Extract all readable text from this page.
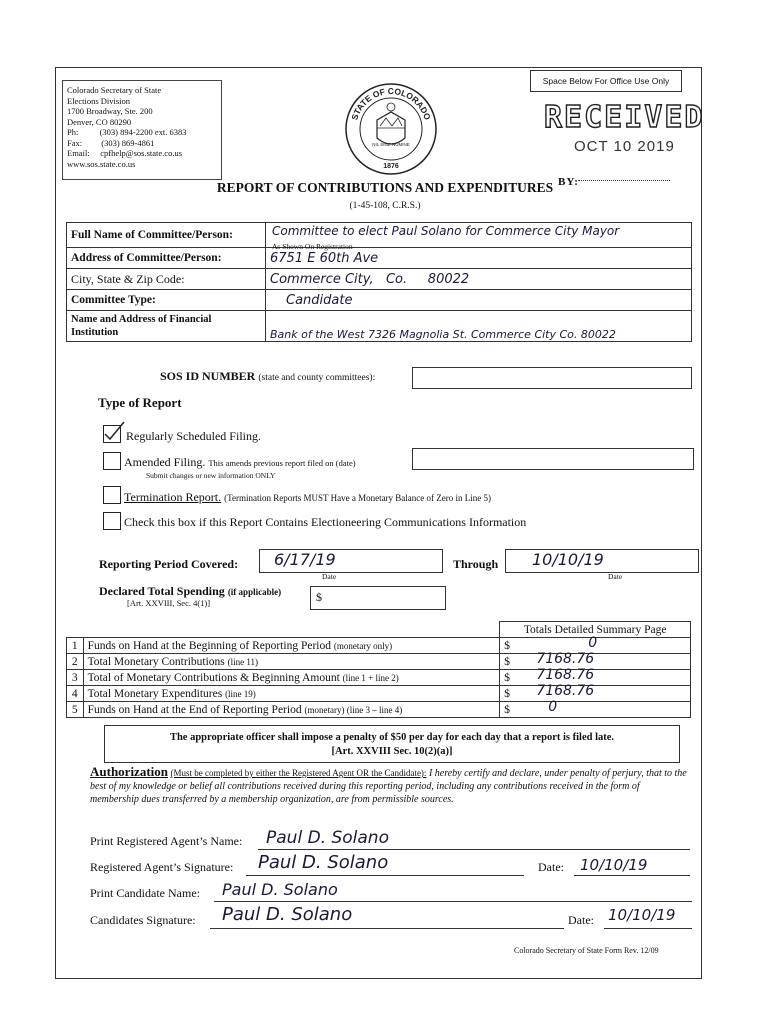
Colorado Secretary of State
Elections Division
1700 Broadway, Ste. 200
Denver, CO 80290
Ph:          (303) 894-2200 ext. 6383
Fax:         (303) 869-4861
Email:     cpfhelp@sos.state.co.us
www.sos.state.co.us
STATE OF COLORADO
NIL SINE NUMINE
1876
Space Below For Office Use Only
RECEIVED
OCT 10 2019
BY:
REPORT OF CONTRIBUTIONS AND EXPENDITURES
(1-45-108, C.R.S.)
Full Name of Committee/Person:	Committee to elect Paul Solano for Commerce City Mayor
As Shown On Registration

Address of Committee/Person:	6751 E 60th Ave
City, State & Zip Code:	Commerce City,   Co.     80022
Committee Type:	Candidate

Name and Address of Financial
Institution	Bank of the West 7326 Magnolia St. Commerce City Co. 80022
SOS ID NUMBER (state and county committees):
Type of Report
Regularly Scheduled Filing.
Amended Filing. This amends previous report filed on (date)
Submit changes or new information ONLY
Termination Report. (Termination Reports MUST Have a Monetary Balance of Zero in Line 5)
Check this box if this Report Contains Electioneering Communications Information
Reporting Period Covered: 6/17/19
Date
Through 10/10/19
Date
Declared Total Spending (if applicable)
[Art. XXVIII, Sec. 4(1)]	$
		Totals Detailed Summary Page
1	Funds on Hand at the Beginning of Reporting Period (monetary only)	$ 0

2	Total Monetary Contributions (line 11)	$ 7168.76

3	Total of Monetary Contributions & Beginning Amount (line 1 + line 2)	$ 7168.76

4	Total Monetary Expenditures (line 19)	$ 7168.76

5	Funds on Hand at the End of Reporting Period (monetary) (line 3 – line 4)	$ 0
The appropriate officer shall impose a penalty of $50 per day for each day that a report is filed late.
[Art. XXVIII Sec. 10(2)(a)]
Authorization (Must be completed by either the Registered Agent OR the Candidate): I hereby certify and declare, under penalty of perjury, that to the best of my knowledge or belief all contributions received during this reporting period, including any contributions received in the form of membership dues transferred by a membership organization, are from permissible sources.
Print Registered Agent’s Name: Paul D. Solano
Registered Agent’s Signature: Paul D. Solano	Date: 10/10/19
Print Candidate Name: Paul D. Solano
Candidates Signature: Paul D. Solano	Date: 10/10/19
Colorado Secretary of State Form Rev. 12/09
